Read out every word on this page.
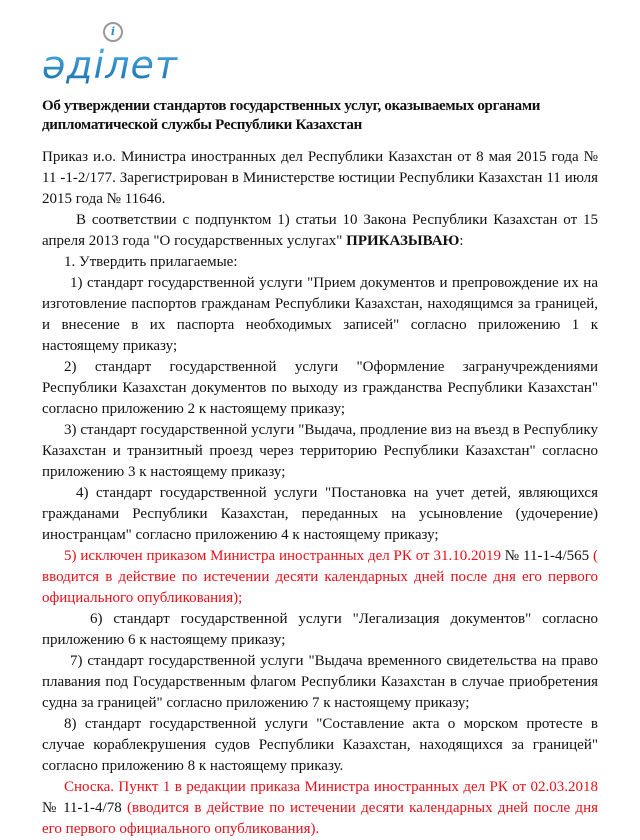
әділет
i
Об утверждении стандартов государственных услуг, оказываемых органами дипломатической службы Республики Казахстан

Приказ и.о. Министра иностранных дел Республики Казахстан от 8 мая 2015 года № 11 -1-2/177. Зарегистрирован в Министерстве юстиции Республики Казахстан 11 июля 2015 года № 11646.

В соответствии с подпунктом 1) статьи 10 Закона Республики Казахстан от 15 апреля 2013 года "О государственных услугах" ПРИКАЗЫВАЮ:

1. Утвердить прилагаемые:

1) стандарт государственной услуги "Прием документов и препровождение их на изготовление паспортов гражданам Республики Казахстан, находящимся за границей, и внесение в их паспорта необходимых записей" согласно приложению 1 к настоящему приказу;

2) стандарт государственной услуги "Оформление загранучреждениями Республики Казахстан документов по выходу из гражданства Республики Казахстан" согласно приложению 2 к настоящему приказу;

3) стандарт государственной услуги "Выдача, продление виз на въезд в Республику Казахстан и транзитный проезд через территорию Республики Казахстан" согласно приложению 3 к настоящему приказу;

4) стандарт государственной услуги "Постановка на учет детей, являющихся гражданами Республики Казахстан, переданных на усыновление (удочерение) иностранцам" согласно приложению 4 к настоящему приказу;

5) исключен приказом Министра иностранных дел РК от 31.10.2019 № 11-1-4/565 ( вводится в действие по истечении десяти календарных дней после дня его первого официального опубликования);

6) стандарт государственной услуги "Легализация документов" согласно приложению 6 к настоящему приказу;

7) стандарт государственной услуги "Выдача временного свидетельства на право плавания под Государственным флагом Республики Казахстан в случае приобретения судна за границей" согласно приложению 7 к настоящему приказу;

8) стандарт государственной услуги "Составление акта о морском протесте в случае кораблекрушения судов Республики Казахстан, находящихся за границей" согласно приложению 8 к настоящему приказу.

Сноска. Пункт 1 в редакции приказа Министра иностранных дел РК от 02.03.2018 № 11-1-4/78 (вводится в действие по истечении десяти календарных дней после дня его первого официального опубликования).
